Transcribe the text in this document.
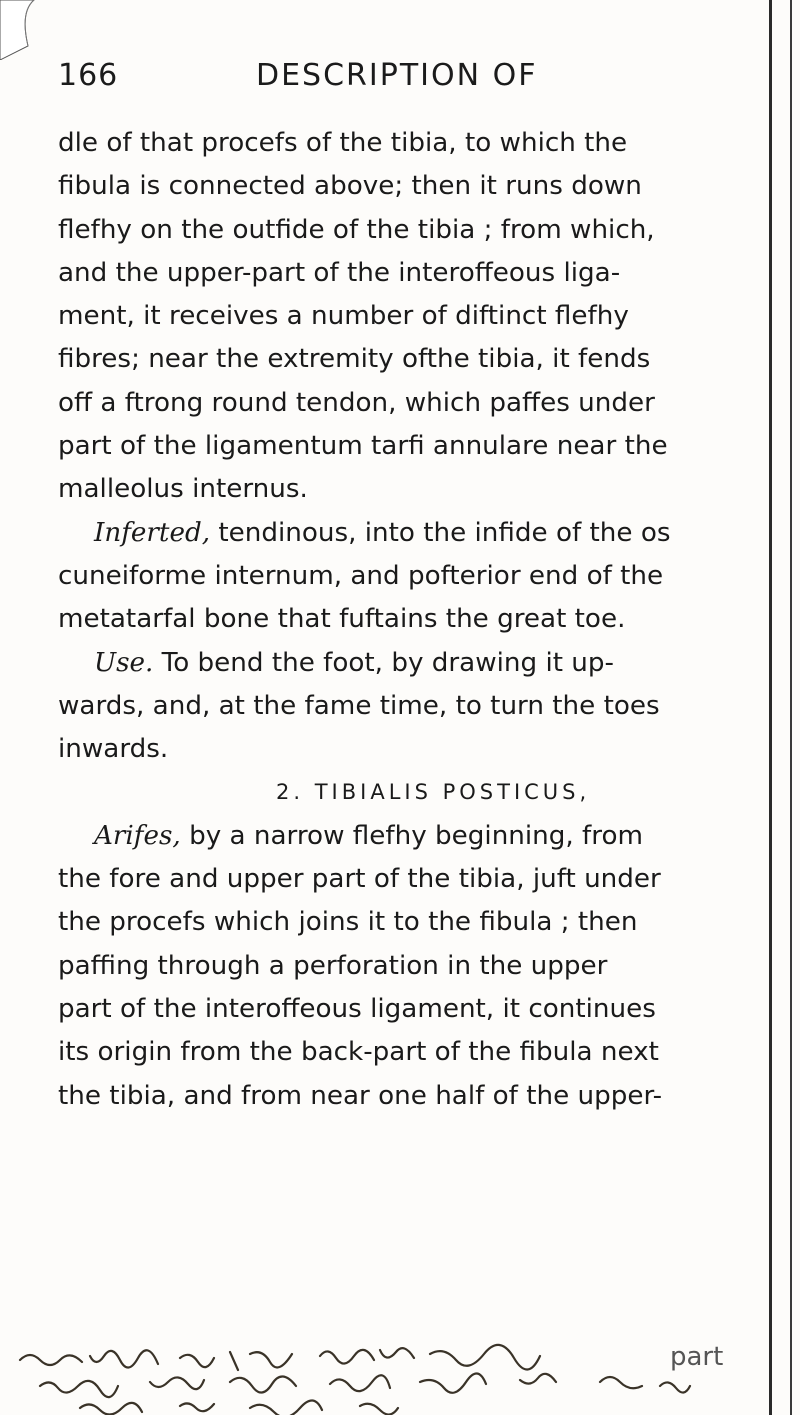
166	DESCRIPTION OF
dle of that procefs of the tibia, to which the
fibula is connected above; then it runs down
flefhy on the outfide of the tibia ; from which,
and the upper-part of the interoffeous liga-
ment, it receives a number of diftinct flefhy
fibres; near the extremity ofthe tibia, it fends
off a ftrong round tendon, which paffes under
part of the ligamentum tarfi annulare near the
malleolus internus.
Inferted, tendinous, into the infide of the os
cuneiforme internum, and pofterior end of the
metatarfal bone that fuftains the great toe.
Use. To bend the foot, by drawing it up-
wards, and, at the fame time, to turn the toes
inwards.
2. TIBIALIS POSTICUS,
Arifes, by a narrow flefhy beginning, from
the fore and upper part of the tibia, juft under
the procefs which joins it to the fibula ; then
paffing through a perforation in the upper
part of the interoffeous ligament, it continues
its origin from the back-part of the fibula next
the tibia, and from near one half of the upper-
part
